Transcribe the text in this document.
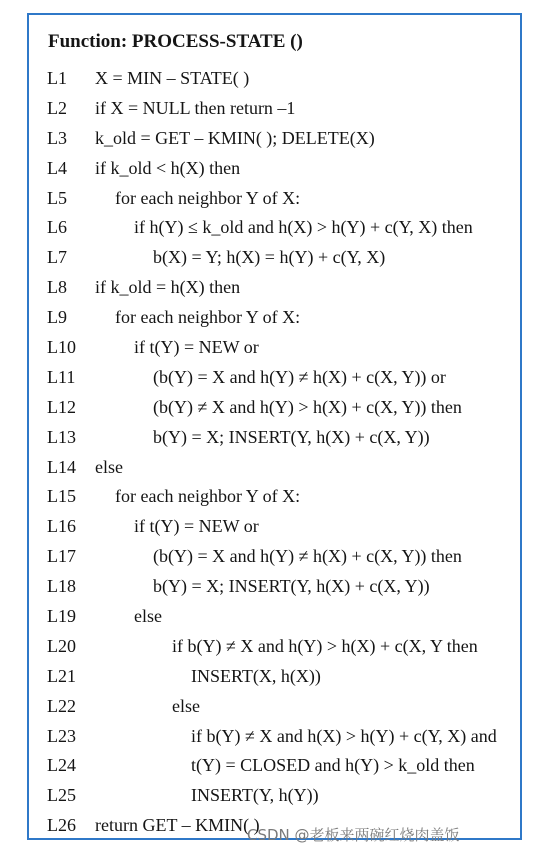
Function: PROCESS-STATE ()
L1 X = MIN – STATE( )
L2 if X = NULL then return –1
L3 k_old = GET – KMIN( ); DELETE(X)
L4 if k_old < h(X) then
L5	for each neighbor Y of X:
L6	if h(Y) ≤ k_old and h(X) > h(Y) + c(Y, X) then
L7	b(X) = Y; h(X) = h(Y) + c(Y, X)
L8 if k_old = h(X) then
L9	for each neighbor Y of X:
L10	if t(Y) = NEW or
L11	(b(Y) = X and h(Y) ≠ h(X) + c(X, Y)) or
L12	(b(Y) ≠ X and h(Y) > h(X) + c(X, Y)) then
L13	b(Y) = X; INSERT(Y, h(X) + c(X, Y))
L14 else
L15 for each neighbor Y of X:
L16	if t(Y) = NEW or
L17	(b(Y) = X and h(Y) ≠ h(X) + c(X, Y)) then
L18	b(Y) = X; INSERT(Y, h(X) + c(X, Y))
L19	else
L20	if b(Y) ≠ X and h(Y) > h(X) + c(X, Y then
L21	INSERT(X, h(X))
L22	else
L23	if b(Y) ≠ X and h(X) > h(Y) + c(Y, X) and
L24	t(Y) = CLOSED and h(Y) > k_old then
L25	INSERT(Y, h(Y))
L26 return GET – KMIN( )
CSDN @老板来两碗红烧肉盖饭
